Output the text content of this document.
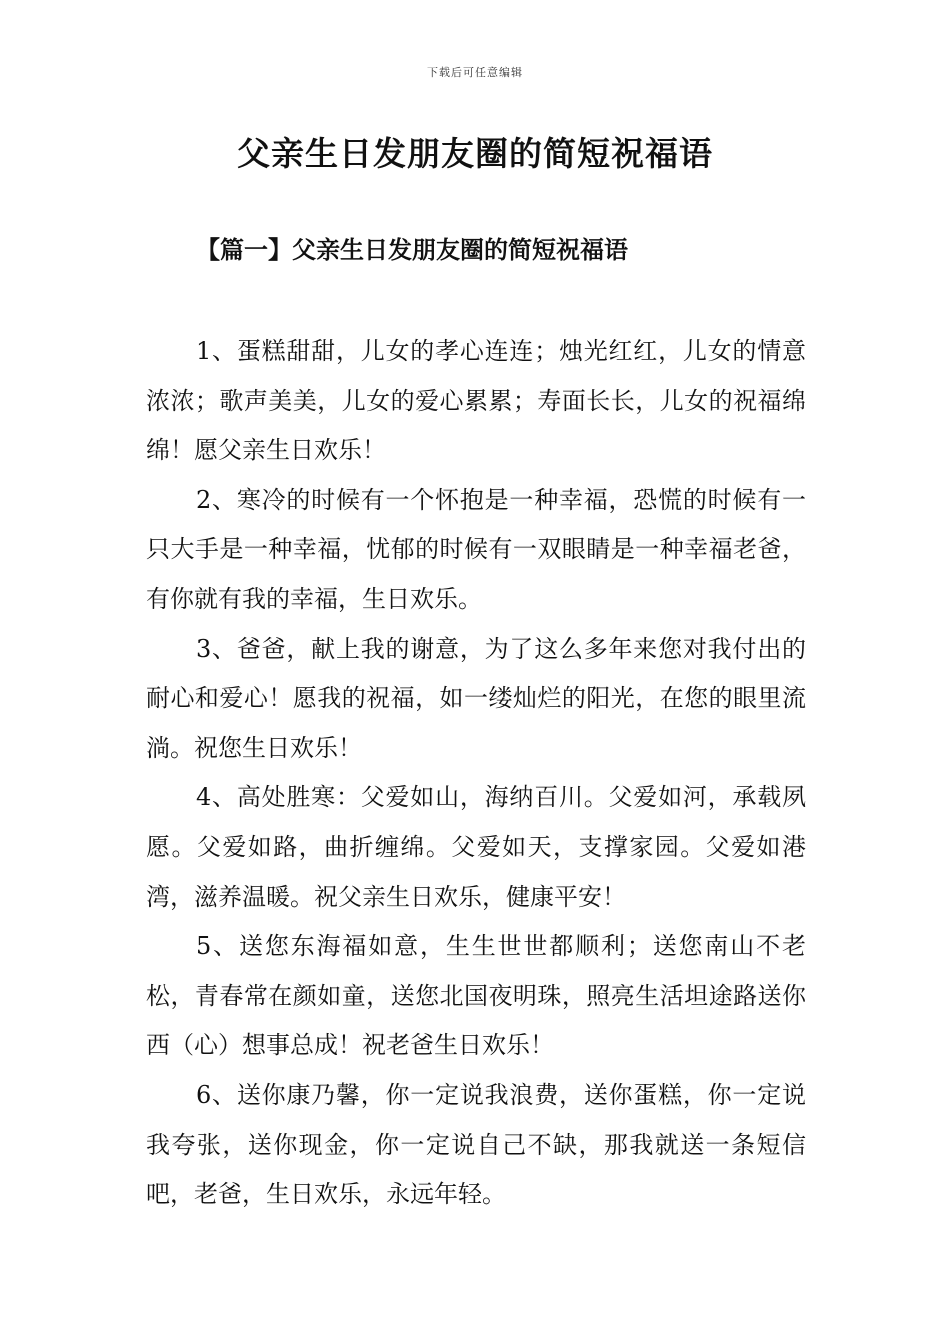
下载后可任意编辑
父亲生日发朋友圈的简短祝福语
【篇一】父亲生日发朋友圈的简短祝福语

1、蛋糕甜甜，儿女的孝心连连；烛光红红，儿女的情意浓浓；歌声美美，儿女的爱心累累；寿面长长，儿女的祝福绵绵！愿父亲生日欢乐！

2、寒冷的时候有一个怀抱是一种幸福，恐慌的时候有一只大手是一种幸福，忧郁的时候有一双眼睛是一种幸福老爸，有你就有我的幸福，生日欢乐。

3、爸爸，献上我的谢意，为了这么多年来您对我付出的耐心和爱心！愿我的祝福，如一缕灿烂的阳光，在您的眼里流淌。祝您生日欢乐！

4、高处胜寒：父爱如山，海纳百川。父爱如河，承载夙愿。父爱如路，曲折缠绵。父爱如天，支撑家园。父爱如港湾，滋养温暖。祝父亲生日欢乐，健康平安！

5、送您东海福如意，生生世世都顺利；送您南山不老松，青春常在颜如童，送您北国夜明珠，照亮生活坦途路送你西（心）想事总成！祝老爸生日欢乐！

6、送你康乃馨，你一定说我浪费，送你蛋糕，你一定说我夸张，送你现金，你一定说自己不缺，那我就送一条短信吧，老爸，生日欢乐，永远年轻。
